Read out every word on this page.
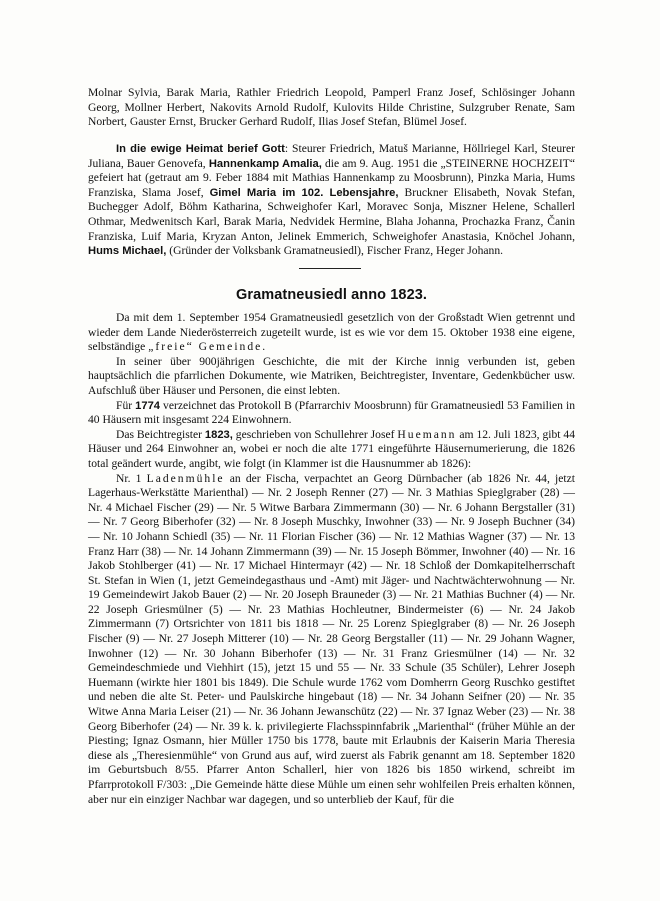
Molnar Sylvia, Barak Maria, Rathler Friedrich Leopold, Pamperl Franz Josef, Schlösinger Johann Georg, Mollner Herbert, Nakovits Arnold Rudolf, Kulovits Hilde Christine, Sulzgruber Renate, Sam Norbert, Gauster Ernst, Brucker Gerhard Rudolf, Ilias Josef Stefan, Blümel Josef.

In die ewige Heimat berief Gott: Steurer Friedrich, Matuš Marianne, Höllriegel Karl, Steurer Juliana, Bauer Genovefa, Hannenkamp Amalia, die am 9. Aug. 1951 die „STEINERNE HOCHZEIT“ gefeiert hat (getraut am 9. Feber 1884 mit Mathias Hannenkamp zu Moosbrunn), Pinzka Maria, Hums Franziska, Slama Josef, Gimel Maria im 102. Lebensjahre, Bruckner Elisabeth, Novak Stefan, Buchegger Adolf, Böhm Katharina, Schweighofer Karl, Moravec Sonja, Miszner Helene, Schallerl Othmar, Medwenitsch Karl, Barak Maria, Nedvidek Hermine, Blaha Johanna, Prochazka Franz, Čanin Franziska, Luif Maria, Kryzan Anton, Jelinek Emmerich, Schweighofer Anastasia, Knöchel Johann, Hums Michael, (Gründer der Volksbank Gramatneusiedl), Fischer Franz, Heger Johann.

Gramatneusiedl anno 1823.

Da mit dem 1. September 1954 Gramatneusiedl gesetzlich von der Großstadt Wien getrennt und wieder dem Lande Niederösterreich zugeteilt wurde, ist es wie vor dem 15. Oktober 1938 eine eigene, selbständige „freie“ Gemeinde.

In seiner über 900jährigen Geschichte, die mit der Kirche innig verbunden ist, geben hauptsächlich die pfarrlichen Dokumente, wie Matriken, Beichtregister, Inventare, Gedenkbücher usw. Aufschluß über Häuser und Personen, die einst lebten.

Für 1774 verzeichnet das Protokoll B (Pfarrarchiv Moosbrunn) für Gramatneusiedl 53 Familien in 40 Häusern mit insgesamt 224 Einwohnern.

Das Beichtregister 1823, geschrieben von Schullehrer Josef Huemann am 12. Juli 1823, gibt 44 Häuser und 264 Einwohner an, wobei er noch die alte 1771 eingeführte Häusernumerierung, die 1826 total geändert wurde, angibt, wie folgt (in Klammer ist die Hausnummer ab 1826):

Nr. 1 Ladenmühle an der Fischa, verpachtet an Georg Dürnbacher (ab 1826 Nr. 44, jetzt Lagerhaus-Werkstätte Marienthal) — Nr. 2 Joseph Renner (27) — Nr. 3 Mathias Spieglgraber (28) — Nr. 4 Michael Fischer (29) — Nr. 5 Witwe Barbara Zimmermann (30) — Nr. 6 Johann Bergstaller (31) — Nr. 7 Georg Biberhofer (32) — Nr. 8 Joseph Muschky, Inwohner (33) — Nr. 9 Joseph Buchner (34) — Nr. 10 Johann Schiedl (35) — Nr. 11 Florian Fischer (36) — Nr. 12 Mathias Wagner (37) — Nr. 13 Franz Harr (38) — Nr. 14 Johann Zimmermann (39) — Nr. 15 Joseph Bömmer, Inwohner (40) — Nr. 16 Jakob Stohlberger (41) — Nr. 17 Michael Hintermayr (42) — Nr. 18 Schloß der Domkapitelherrschaft St. Stefan in Wien (1, jetzt Gemeindegasthaus und -Amt) mit Jäger- und Nachtwächterwohnung — Nr. 19 Gemeindewirt Jakob Bauer (2) — Nr. 20 Joseph Brauneder (3) — Nr. 21 Mathias Buchner (4) — Nr. 22 Joseph Griesmülner (5) — Nr. 23 Mathias Hochleutner, Bindermeister (6) — Nr. 24 Jakob Zimmermann (7) Ortsrichter von 1811 bis 1818 — Nr. 25 Lorenz Spieglgraber (8) — Nr. 26 Joseph Fischer (9) — Nr. 27 Joseph Mitterer (10) — Nr. 28 Georg Bergstaller (11) — Nr. 29 Johann Wagner, Inwohner (12) — Nr. 30 Johann Biberhofer (13) — Nr. 31 Franz Griesmülner (14) — Nr. 32 Gemeindeschmiede und Viehhirt (15), jetzt 15 und 55 — Nr. 33 Schule (35 Schüler), Lehrer Joseph Huemann (wirkte hier 1801 bis 1849). Die Schule wurde 1762 vom Domherrn Georg Ruschko gestiftet und neben die alte St. Peter- und Paulskirche hingebaut (18) — Nr. 34 Johann Seifner (20) — Nr. 35 Witwe Anna Maria Leiser (21) — Nr. 36 Johann Jewanschütz (22) — Nr. 37 Ignaz Weber (23) — Nr. 38 Georg Biberhofer (24) — Nr. 39 k. k. privilegierte Flachsspinnfabrik „Marienthal“ (früher Mühle an der Piesting; Ignaz Osmann, hier Müller 1750 bis 1778, baute mit Erlaubnis der Kaiserin Maria Theresia diese als „Theresienmühle“ von Grund aus auf, wird zuerst als Fabrik genannt am 18. September 1820 im Geburtsbuch 8/55. Pfarrer Anton Schallerl, hier von 1826 bis 1850 wirkend, schreibt im Pfarrprotokoll F/303: „Die Gemeinde hätte diese Mühle um einen sehr wohlfeilen Preis erhalten können, aber nur ein einziger Nachbar war dagegen, und so unterblieb der Kauf, für die
